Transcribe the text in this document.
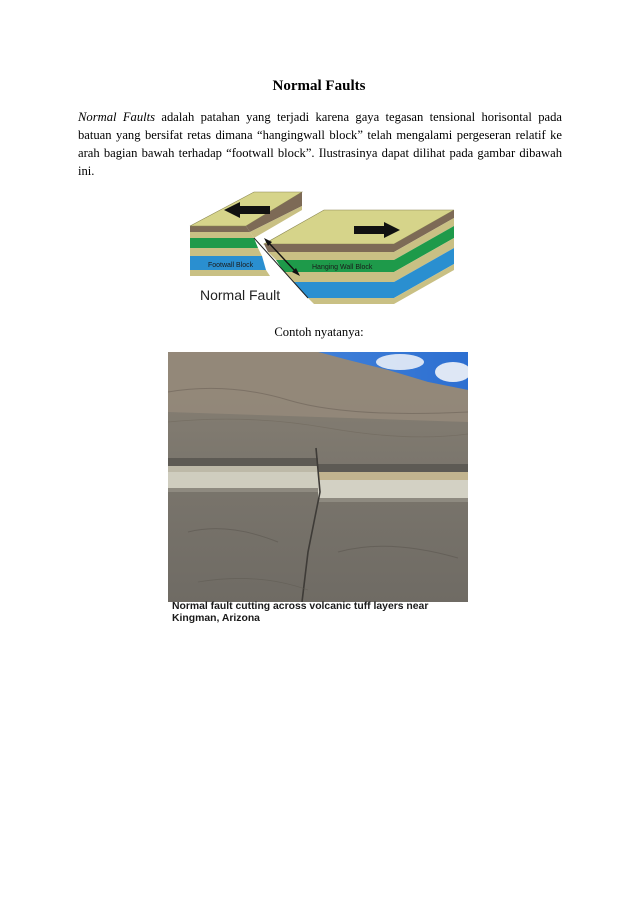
Normal Faults

Normal Faults adalah patahan yang terjadi karena gaya tegasan tensional horisontal pada batuan yang bersifat retas dimana “hangingwall block” telah mengalami pergeseran relatif ke arah bagian bawah terhadap “footwall block”. Ilustrasinya dapat dilihat pada gambar dibawah ini.

Footwall Block	Hanging Wall Block
Normal Fault

Contoh nyatanya:

Normal fault cutting across volcanic tuff layers near
Kingman, Arizona
